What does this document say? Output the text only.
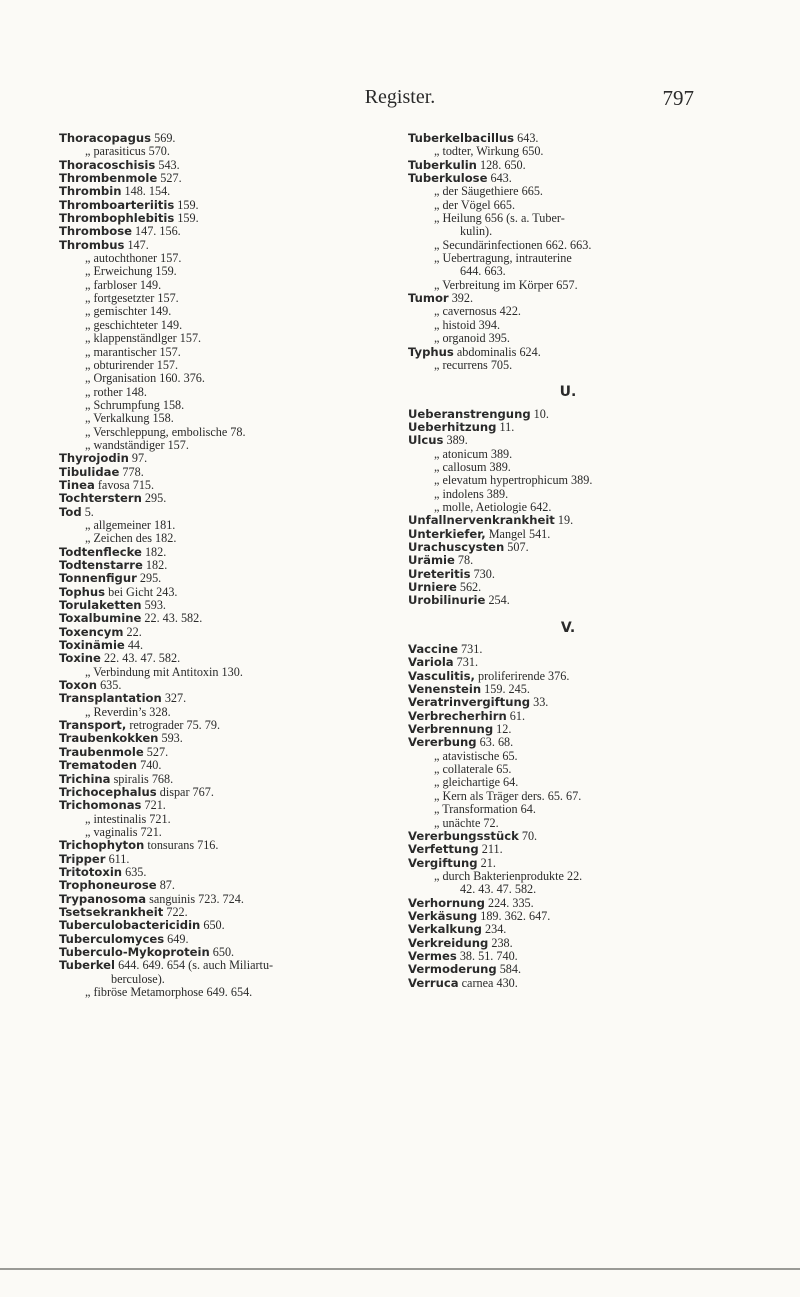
Register.	797
Thoracopagus 569.
„ parasiticus 570.
Thoracoschisis 543.
Thrombenmole 527.
Thrombin 148. 154.
Thromboarteriitis 159.
Thrombophlebitis 159.
Thrombose 147. 156.
Thrombus 147.
„ autochthoner 157.
„ Erweichung 159.
„ farbloser 149.
„ fortgesetzter 157.
„ gemischter 149.
„ geschichteter 149.
„ klappenständlger 157.
„ marantischer 157.
„ obturirender 157.
„ Organisation 160. 376.
„ rother 148.
„ Schrumpfung 158.
„ Verkalkung 158.
„ Verschleppung, embolische 78.
„ wandständiger 157.
Thyrojodin 97.
Tibulidae 778.
Tinea favosa 715.
Tochterstern 295.
Tod 5.
„ allgemeiner 181.
„ Zeichen des 182.
Todtenflecke 182.
Todtenstarre 182.
Tonnenfigur 295.
Tophus bei Gicht 243.
Torulaketten 593.
Toxalbumine 22. 43. 582.
Toxencym 22.
Toxinämie 44.
Toxine 22. 43. 47. 582.
„ Verbindung mit Antitoxin 130.
Toxon 635.
Transplantation 327.
„ Reverdin’s 328.
Transport, retrograder 75. 79.
Traubenkokken 593.
Traubenmole 527.
Trematoden 740.
Trichina spiralis 768.
Trichocephalus dispar 767.
Trichomonas 721.
„ intestinalis 721.
„ vaginalis 721.
Trichophyton tonsurans 716.
Tripper 611.
Tritotoxin 635.
Trophoneurose 87.
Trypanosoma sanguinis 723. 724.
Tsetsekrankheit 722.
Tuberculobactericidin 650.
Tuberculomyces 649.
Tuberculo-Mykoprotein 650.
Tuberkel 644. 649. 654 (s. auch Miliartu-
berculose).
„ fibröse Metamorphose 649. 654.
Tuberkelbacillus 643.
„ todter, Wirkung 650.
Tuberkulin 128. 650.
Tuberkulose 643.
„ der Säugethiere 665.
„ der Vögel 665.
„ Heilung 656 (s. a. Tuber-
kulin).
„ Secundärinfectionen 662. 663.
„ Uebertragung, intrauterine
644. 663.
„ Verbreitung im Körper 657.
Tumor 392.
„ cavernosus 422.
„ histoid 394.
„ organoid 395.
Typhus abdominalis 624.
„ recurrens 705.
U.
Ueberanstrengung 10.
Ueberhitzung 11.
Ulcus 389.
„ atonicum 389.
„ callosum 389.
„ elevatum hypertrophicum 389.
„ indolens 389.
„ molle, Aetiologie 642.
Unfallnervenkrankheit 19.
Unterkiefer, Mangel 541.
Urachuscysten 507.
Urämie 78.
Ureteritis 730.
Urniere 562.
Urobilinurie 254.
V.
Vaccine 731.
Variola 731.
Vasculitis, proliferirende 376.
Venenstein 159. 245.
Veratrinvergiftung 33.
Verbrecherhirn 61.
Verbrennung 12.
Vererbung 63. 68.
„ atavistische 65.
„ collaterale 65.
„ gleichartige 64.
„ Kern als Träger ders. 65. 67.
„ Transformation 64.
„ unächte 72.
Vererbungsstück 70.
Verfettung 211.
Vergiftung 21.
„ durch Bakterienprodukte 22.
42. 43. 47. 582.
Verhornung 224. 335.
Verkäsung 189. 362. 647.
Verkalkung 234.
Verkreidung 238.
Vermes 38. 51. 740.
Vermoderung 584.
Verruca carnea 430.
